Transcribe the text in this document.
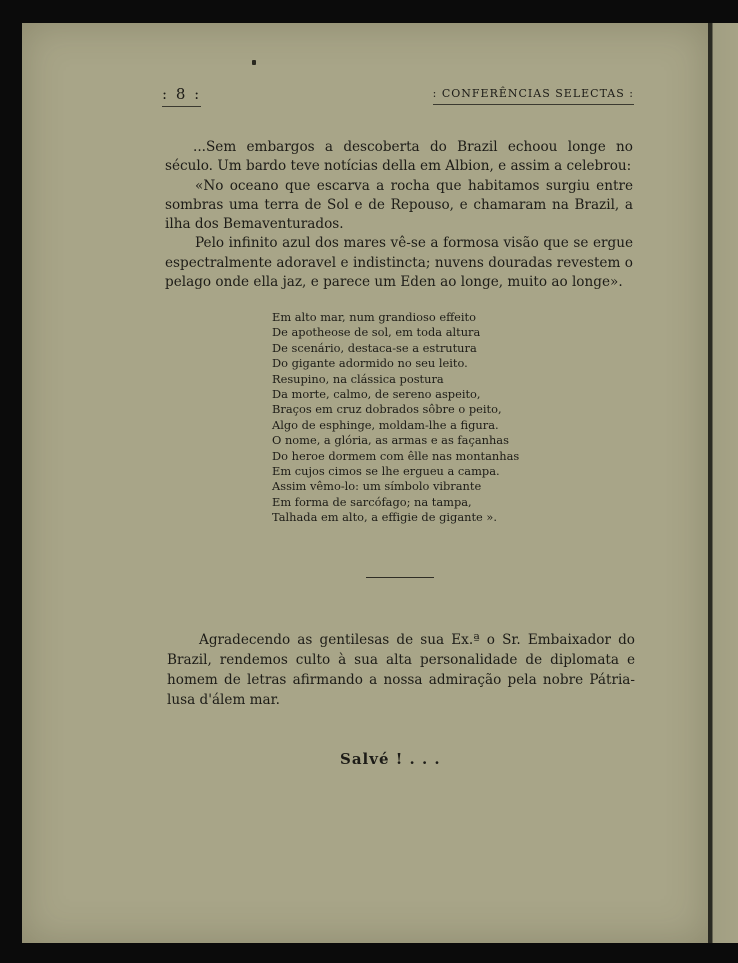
: 8 :	: CONFERÊNCIAS SELECTAS :

...Sem embargos a descoberta do Brazil echoou longe no século. Um bardo teve notícias della em Albion, e assim a celebrou:

«No oceano que escarva a rocha que habitamos surgiu entre sombras uma terra de Sol e de Repouso, e chamaram na Brazil, a ilha dos Bemaventurados.

Pelo infinito azul dos mares vê-se a formosa visão que se ergue espectralmente adoravel e indistincta; nuvens douradas revestem o pelago onde ella jaz, e parece um Eden ao longe, muito ao longe».

Em alto mar, num grandioso effeito
De apotheose de sol, em toda altura
De scenário, destaca-se a estrutura
Do gigante adormido no seu leito.
Resupino, na clássica postura
Da morte, calmo, de sereno aspeito,
Braços em cruz dobrados sôbre o peito,
Algo de esphinge, moldam-lhe a figura.
O nome, a glória, as armas e as façanhas
Do heroe dormem com êlle nas montanhas
Em cujos cimos se lhe ergueu a campa.
Assim vêmo-lo: um símbolo vibrante
Em forma de sarcófago; na tampa,
Talhada em alto, a effigie de gigante ».

Agradecendo as gentilesas de sua Ex.ª o Sr. Embaixador do Brazil, rendemos culto à sua alta personalidade de diplomata e homem de letras afirmando a nossa admiração pela nobre Pátria-lusa d'álem mar.

Salvé ! . . .
